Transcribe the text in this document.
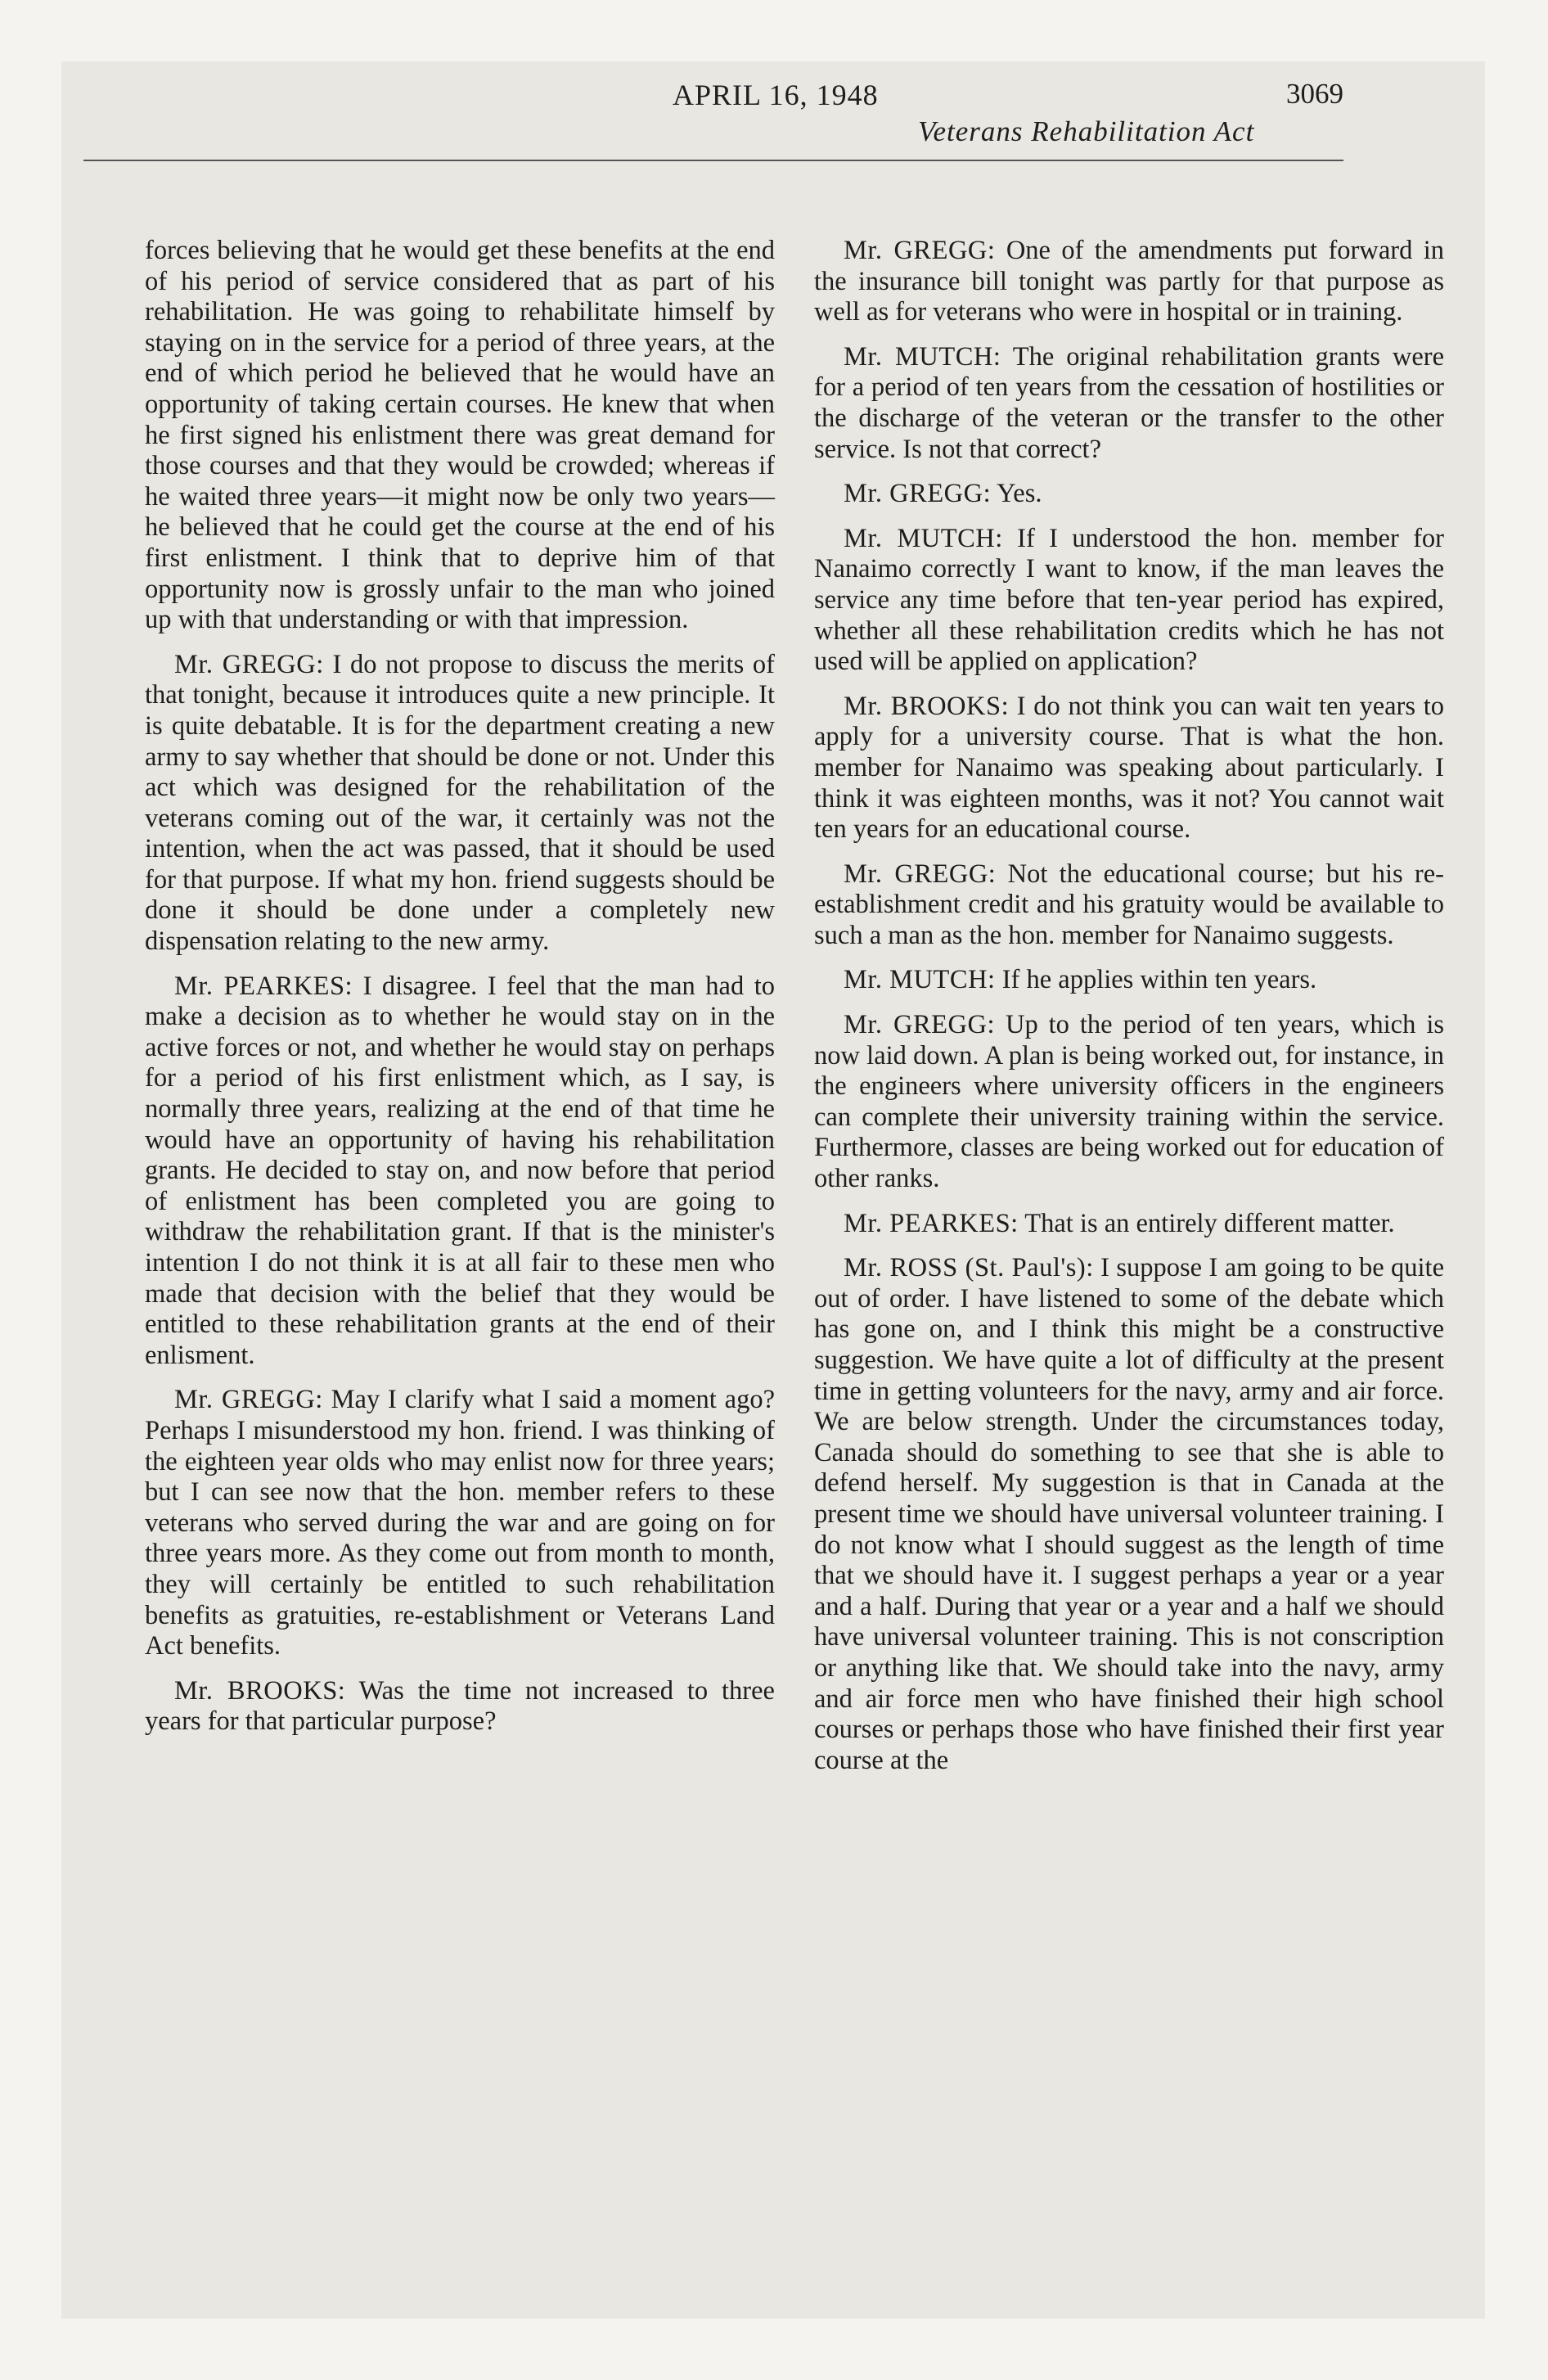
APRIL 16, 1948	3069
Veterans Rehabilitation Act

forces believing that he would get these benefits at the end of his period of service considered that as part of his rehabilitation. He was going to rehabilitate himself by staying on in the service for a period of three years, at the end of which period he believed that he would have an opportunity of taking certain courses. He knew that when he first signed his enlistment there was great demand for those courses and that they would be crowded; whereas if he waited three years—it might now be only two years—he believed that he could get the course at the end of his first enlistment. I think that to deprive him of that opportunity now is grossly unfair to the man who joined up with that understanding or with that impression.

Mr. GREGG: I do not propose to discuss the merits of that tonight, because it introduces quite a new principle. It is quite debatable. It is for the department creating a new army to say whether that should be done or not. Under this act which was designed for the rehabilitation of the veterans coming out of the war, it certainly was not the intention, when the act was passed, that it should be used for that purpose. If what my hon. friend suggests should be done it should be done under a completely new dispensation relating to the new army.

Mr. PEARKES: I disagree. I feel that the man had to make a decision as to whether he would stay on in the active forces or not, and whether he would stay on perhaps for a period of his first enlistment which, as I say, is normally three years, realizing at the end of that time he would have an opportunity of having his rehabilitation grants. He decided to stay on, and now before that period of enlistment has been completed you are going to withdraw the rehabilitation grant. If that is the minister's intention I do not think it is at all fair to these men who made that decision with the belief that they would be entitled to these rehabilitation grants at the end of their enlisment.

Mr. GREGG: May I clarify what I said a moment ago? Perhaps I misunderstood my hon. friend. I was thinking of the eighteen year olds who may enlist now for three years; but I can see now that the hon. member refers to these veterans who served during the war and are going on for three years more. As they come out from month to month, they will certainly be entitled to such rehabilitation benefits as gratuities, re-establishment or Veterans Land Act benefits.

Mr. BROOKS: Was the time not increased to three years for that particular purpose?

Mr. GREGG: One of the amendments put forward in the insurance bill tonight was partly for that purpose as well as for veterans who were in hospital or in training.

Mr. MUTCH: The original rehabilitation grants were for a period of ten years from the cessation of hostilities or the discharge of the veteran or the transfer to the other service. Is not that correct?

Mr. GREGG: Yes.

Mr. MUTCH: If I understood the hon. member for Nanaimo correctly I want to know, if the man leaves the service any time before that ten-year period has expired, whether all these rehabilitation credits which he has not used will be applied on application?

Mr. BROOKS: I do not think you can wait ten years to apply for a university course. That is what the hon. member for Nanaimo was speaking about particularly. I think it was eighteen months, was it not? You cannot wait ten years for an educational course.

Mr. GREGG: Not the educational course; but his re-establishment credit and his gratuity would be available to such a man as the hon. member for Nanaimo suggests.

Mr. MUTCH: If he applies within ten years.

Mr. GREGG: Up to the period of ten years, which is now laid down. A plan is being worked out, for instance, in the engineers where university officers in the engineers can complete their university training within the service. Furthermore, classes are being worked out for education of other ranks.

Mr. PEARKES: That is an entirely different matter.

Mr. ROSS (St. Paul's): I suppose I am going to be quite out of order. I have listened to some of the debate which has gone on, and I think this might be a constructive suggestion. We have quite a lot of difficulty at the present time in getting volunteers for the navy, army and air force. We are below strength. Under the circumstances today, Canada should do something to see that she is able to defend herself. My suggestion is that in Canada at the present time we should have universal volunteer training. I do not know what I should suggest as the length of time that we should have it. I suggest perhaps a year or a year and a half. During that year or a year and a half we should have universal volunteer training. This is not conscription or anything like that. We should take into the navy, army and air force men who have finished their high school courses or perhaps those who have finished their first year course at the
